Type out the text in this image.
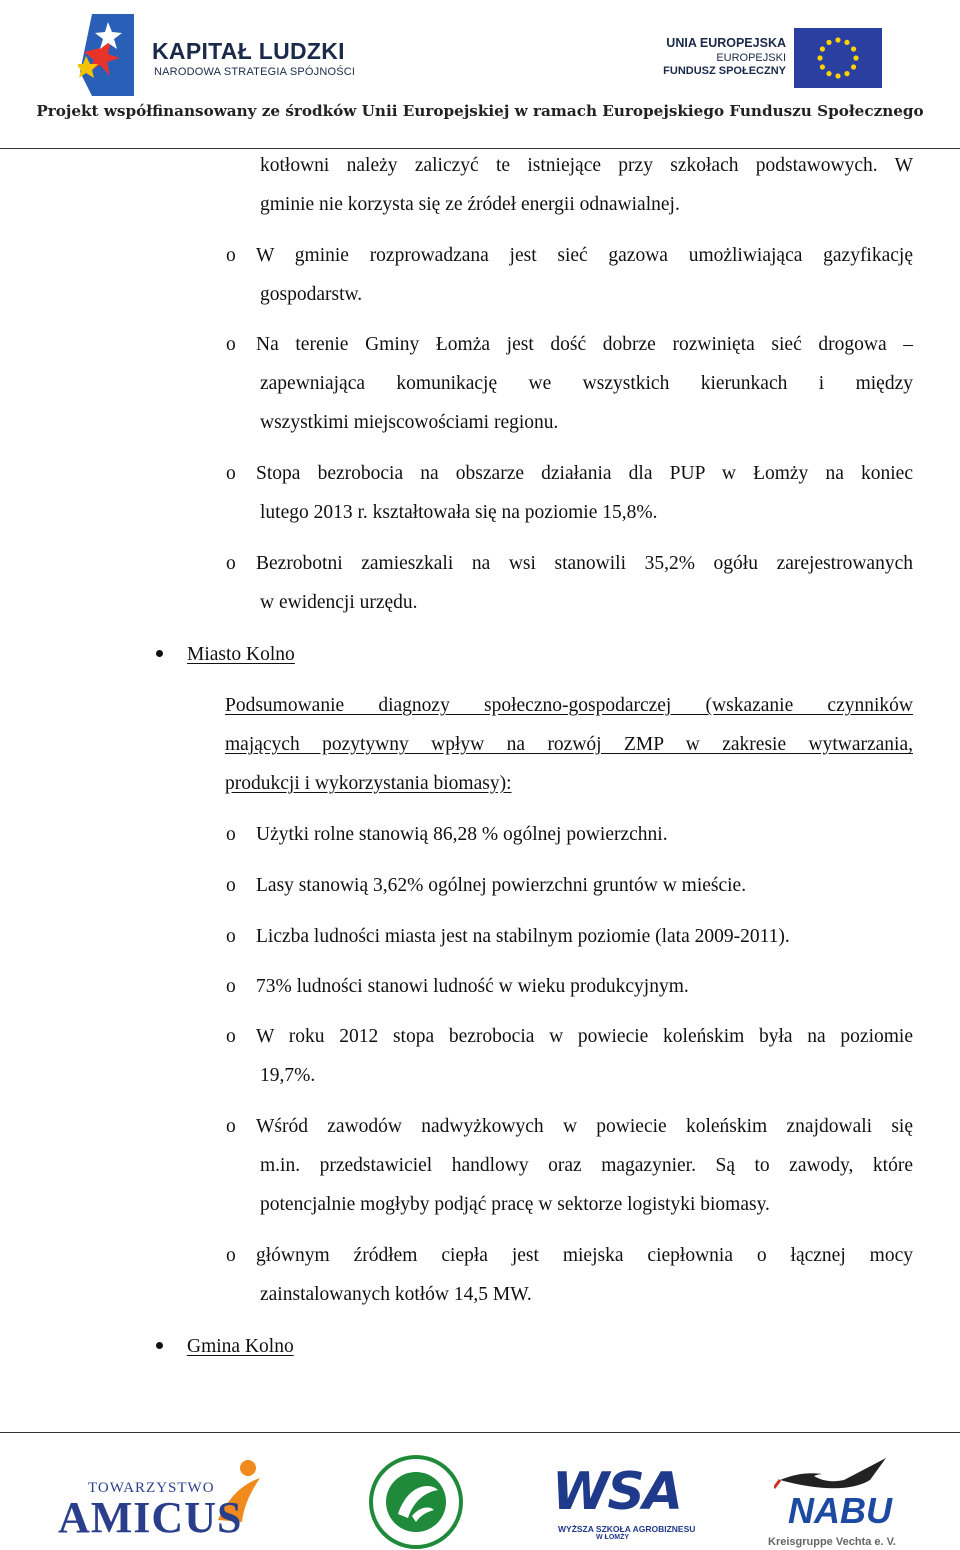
KAPITAŁ LUDZKI
NARODOWA STRATEGIA SPÓJNOŚCI
UNIA EUROPEJSKA
EUROPEJSKI
FUNDUSZ SPOŁECZNY
Projekt współfinansowany ze środków Unii Europejskiej w ramach Europejskiego Funduszu Społecznego
kotłowni należy zaliczyć te istniejące przy szkołach podstawowych. W
gminie nie korzysta się ze źródeł energii odnawialnej.
o W gminie rozprowadzana jest sieć gazowa umożliwiająca gazyfikację
gospodarstw.
o Na terenie Gminy Łomża jest dość dobrze rozwinięta sieć drogowa –
zapewniająca komunikację we wszystkich kierunkach i między
wszystkimi miejscowościami regionu.
o Stopa bezrobocia na obszarze działania dla PUP w Łomży na koniec
lutego 2013 r. kształtowała się na poziomie 15,8%.
o Bezrobotni zamieszkali na wsi stanowili 35,2% ogółu zarejestrowanych
w ewidencji urzędu.
Miasto Kolno
Podsumowanie diagnozy społeczno-gospodarczej (wskazanie czynników
mających pozytywny wpływ na rozwój ZMP w zakresie wytwarzania,
produkcji i wykorzystania biomasy):
o Użytki rolne stanowią 86,28 % ogólnej powierzchni.
o Lasy stanowią 3,62% ogólnej powierzchni gruntów w mieście.
o Liczba ludności miasta jest na stabilnym poziomie (lata 2009-2011).
o 73% ludności stanowi ludność w wieku produkcyjnym.
o W roku 2012 stopa bezrobocia w powiecie koleńskim była na poziomie
19,7%.
o Wśród zawodów nadwyżkowych w powiecie koleńskim znajdowali się
m.in. przedstawiciel handlowy oraz magazynier. Są to zawody, które
potencjalnie mogłyby podjąć pracę w sektorze logistyki biomasy.
o głównym źródłem ciepła jest miejska ciepłownia o łącznej mocy
zainstalowanych kotłów 14,5 MW.
Gmina Kolno
TOWARZYSTWO
AMICUS	WSA
WYŻSZA SZKOŁA AGROBIZNESU
W ŁOMŻY
NABU
Kreisgruppe Vechta e. V.
